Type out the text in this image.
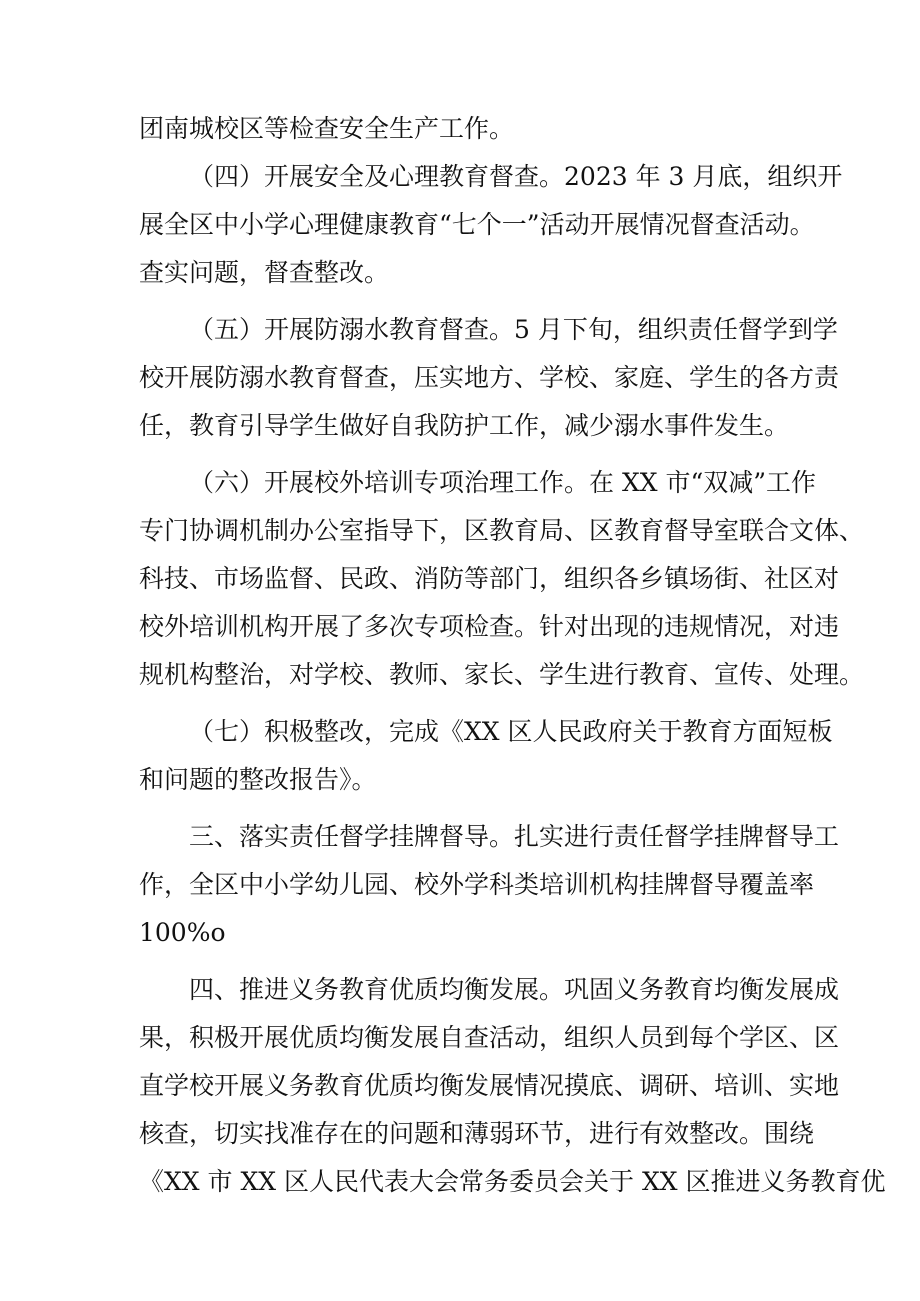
团南城校区等检查安全生产工作。
（四）开展安全及心理教育督查。2023 年 3 月底，组织开
展全区中小学心理健康教育“七个一”活动开展情况督查活动。
查实问题，督查整改。
（五）开展防溺水教育督查。5 月下旬，组织责任督学到学
校开展防溺水教育督查，压实地方、学校、家庭、学生的各方责
任，教育引导学生做好自我防护工作，减少溺水事件发生。
（六）开展校外培训专项治理工作。在 XX 市“双减”工作
专门协调机制办公室指导下，区教育局、区教育督导室联合文体、
科技、市场监督、民政、消防等部门，组织各乡镇场街、社区对
校外培训机构开展了多次专项检查。针对出现的违规情况，对违
规机构整治，对学校、教师、家长、学生进行教育、宣传、处理。
（七）积极整改，完成《XX 区人民政府关于教育方面短板
和问题的整改报告》。
三、落实责任督学挂牌督导。扎实进行责任督学挂牌督导工
作，全区中小学幼儿园、校外学科类培训机构挂牌督导覆盖率
100%o
四、推进义务教育优质均衡发展。巩固义务教育均衡发展成
果，积极开展优质均衡发展自查活动，组织人员到每个学区、区
直学校开展义务教育优质均衡发展情况摸底、调研、培训、实地
核查，切实找准存在的问题和薄弱环节，进行有效整改。围绕
《XX 市 XX 区人民代表大会常务委员会关于 XX 区推进义务教育优
